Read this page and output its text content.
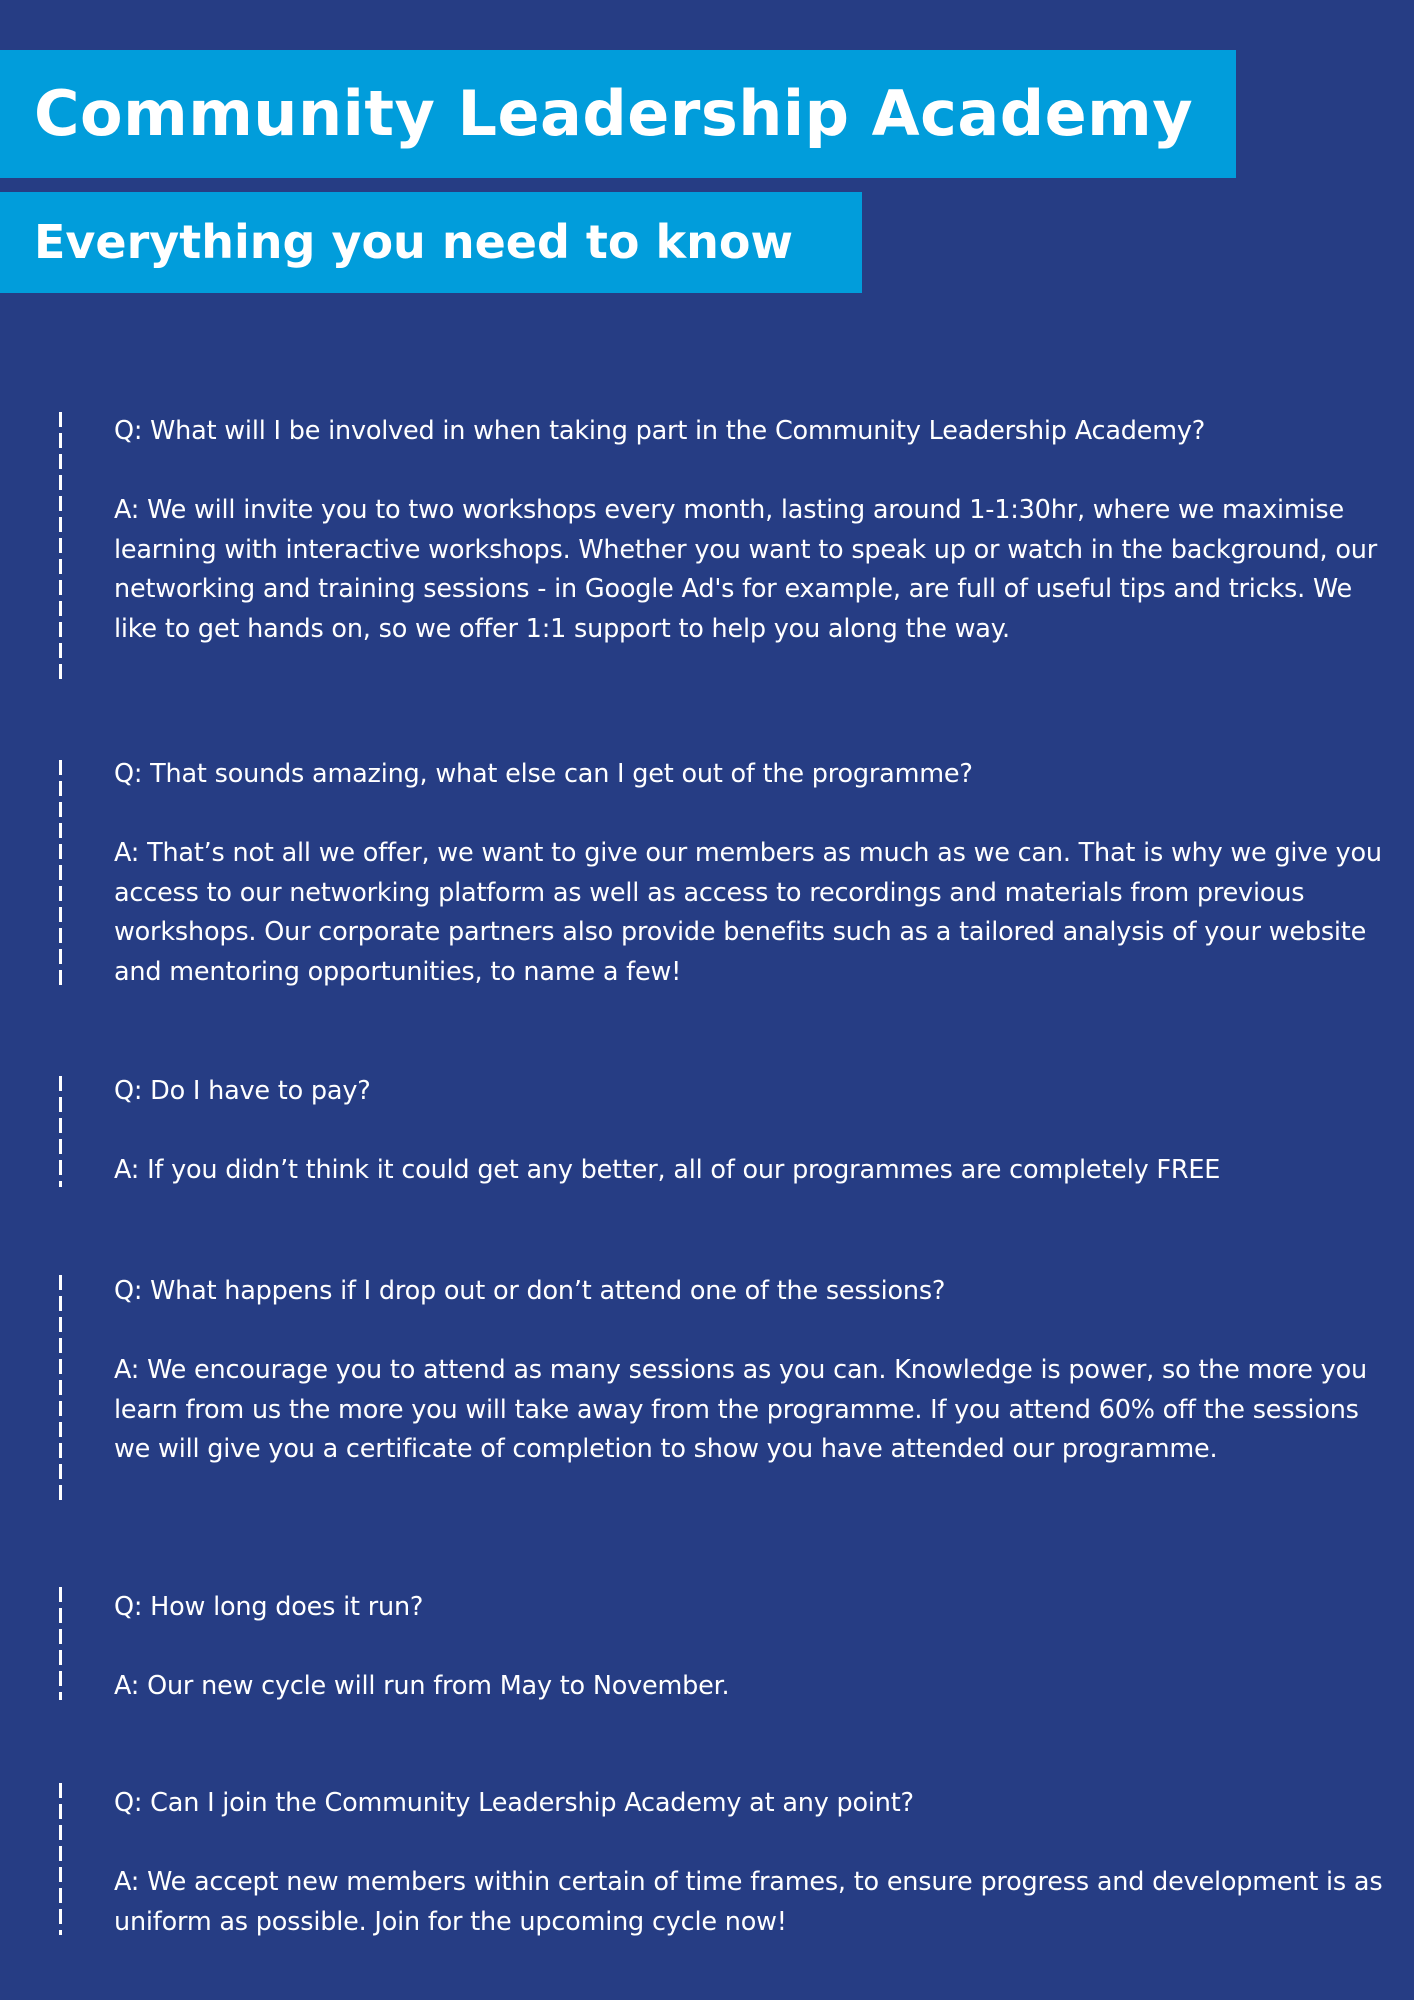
Community Leadership Academy
Everything you need to know

Q: What will I be involved in when taking part in the Community Leadership Academy?

A: We will invite you to two workshops every month, lasting around 1-1:30hr, where we maximise learning with interactive workshops. Whether you want to speak up or watch in the background, our networking and training sessions - in Google Ad's for example, are full of useful tips and tricks. We like to get hands on, so we offer 1:1 support to help you along the way.

Q: That sounds amazing, what else can I get out of the programme?

A: That’s not all we offer, we want to give our members as much as we can. That is why we give you access to our networking platform as well as access to recordings and materials from previous workshops. Our corporate partners also provide benefits such as a tailored analysis of your website and mentoring opportunities, to name a few!

Q: Do I have to pay?

A: If you didn’t think it could get any better, all of our programmes are completely FREE

Q: What happens if I drop out or don’t attend one of the sessions?

A: We encourage you to attend as many sessions as you can. Knowledge is power, so the more you learn from us the more you will take away from the programme. If you attend 60% off the sessions we will give you a certificate of completion to show you have attended our programme.

Q: How long does it run?

A: Our new cycle will run from May to November.

Q: Can I join the Community Leadership Academy at any point?

A: We accept new members within certain of time frames, to ensure progress and development is as uniform as possible. Join for the upcoming cycle now!
